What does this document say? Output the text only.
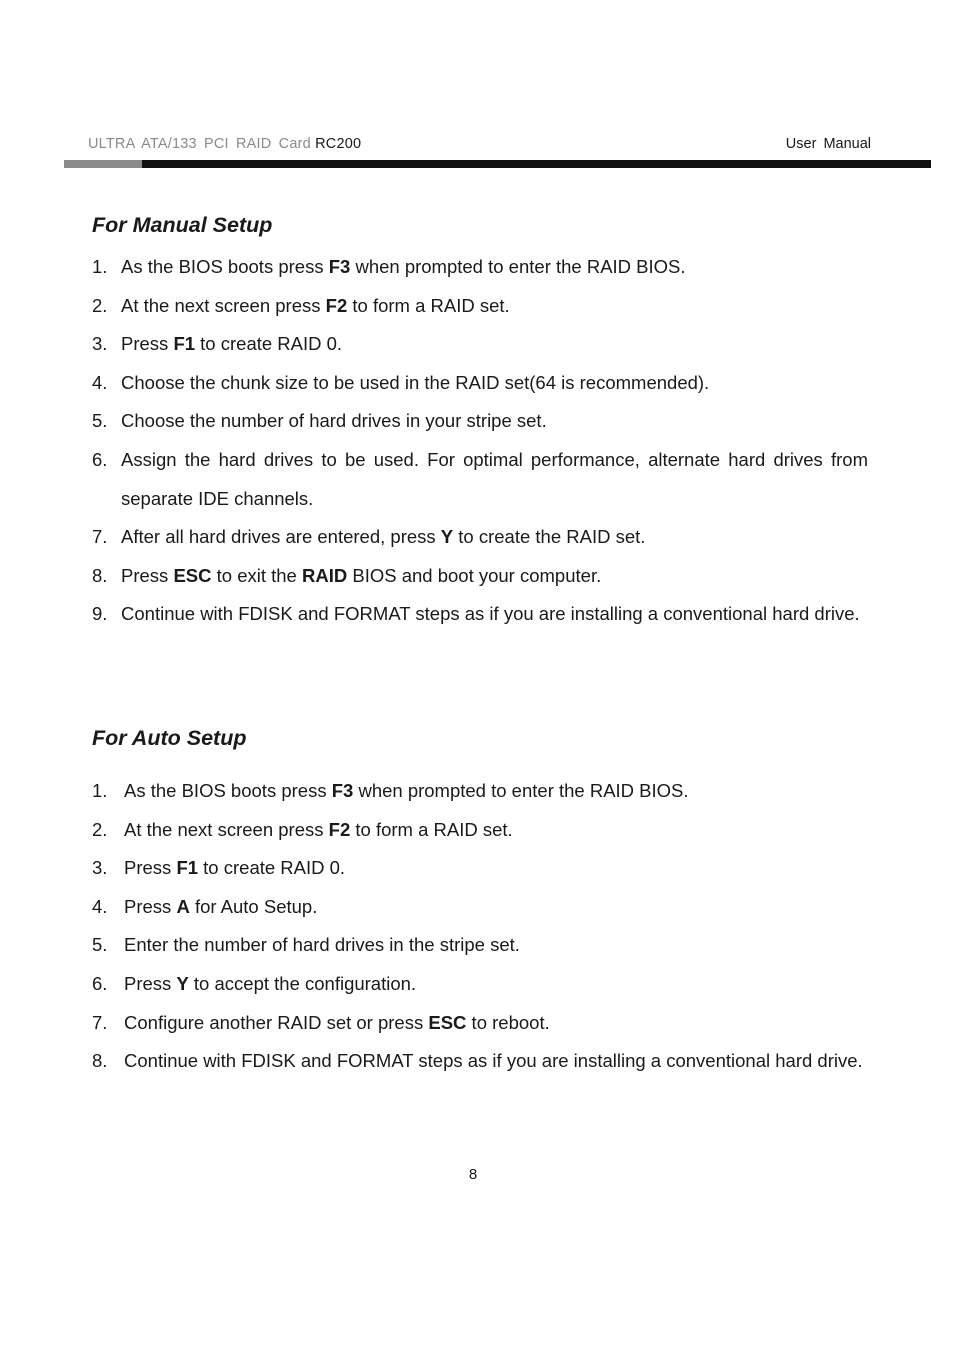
ULTRA ATA/133 PCI RAID Card RC200	User Manual
For Manual Setup
1. As the BIOS boots press F3 when prompted to enter the RAID BIOS.
2. At the next screen press F2 to form a RAID set.
3. Press F1 to create RAID 0.
4. Choose the chunk size to be used in the RAID set(64 is recommended).
5. Choose the number of hard drives in your stripe set.
6. Assign the hard drives to be used. For optimal performance, alternate hard drives from separate IDE channels.
7. After all hard drives are entered, press Y to create the RAID set.
8. Press ESC to exit the RAID BIOS and boot your computer.
9. Continue with FDISK and FORMAT steps as if you are installing a conventional hard drive.
For Auto Setup
1. As the BIOS boots press F3 when prompted to enter the RAID BIOS.
2. At the next screen press F2 to form a RAID set.
3. Press F1 to create RAID 0.
4. Press A for Auto Setup.
5. Enter the number of hard drives in the stripe set.
6. Press Y to accept the configuration.
7. Configure another RAID set or press ESC to reboot.
8. Continue with FDISK and FORMAT steps as if you are installing a conventional hard drive.
8
